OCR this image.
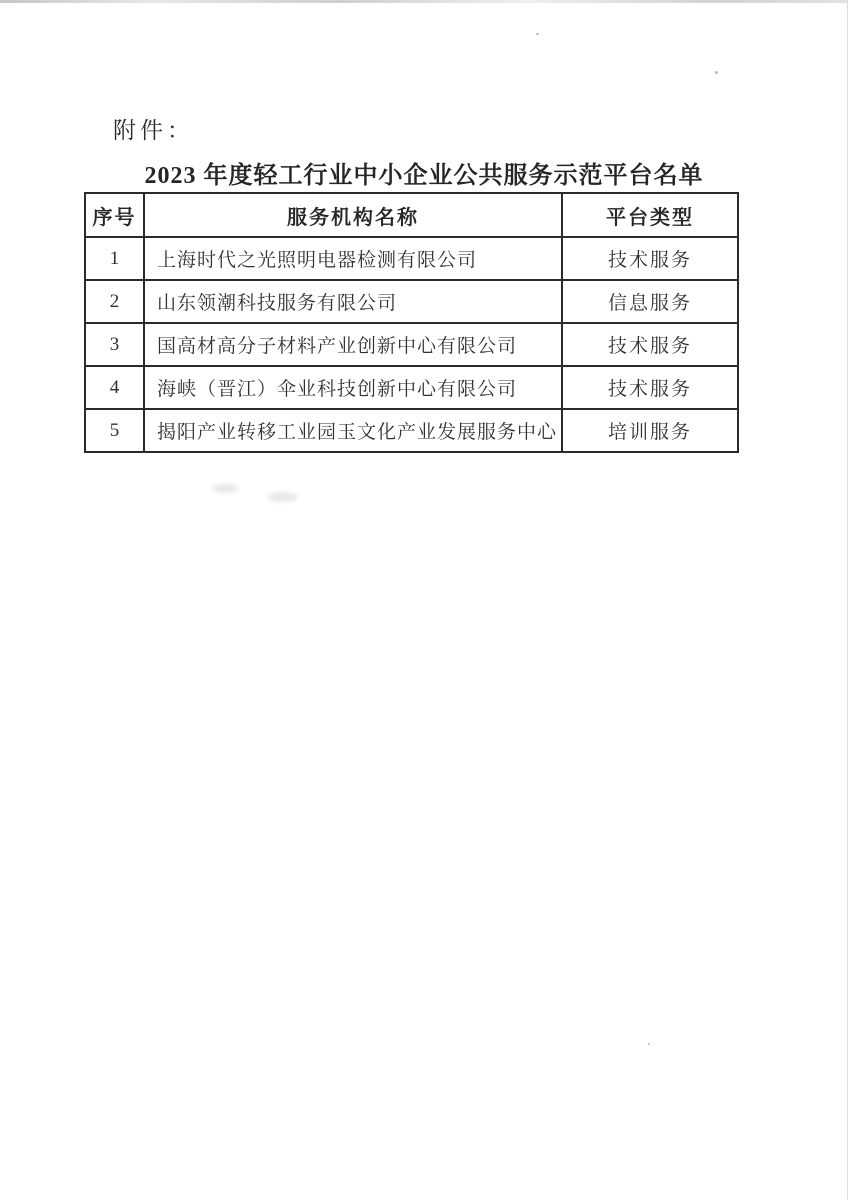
附件：
2023 年度轻工行业中小企业公共服务示范平台名单
序号	服务机构名称	平台类型
1	上海时代之光照明电器检测有限公司	技术服务
2	山东领潮科技服务有限公司	信息服务
3	国高材高分子材料产业创新中心有限公司	技术服务
4	海峡（晋江）伞业科技创新中心有限公司	技术服务
5	揭阳产业转移工业园玉文化产业发展服务中心	培训服务
